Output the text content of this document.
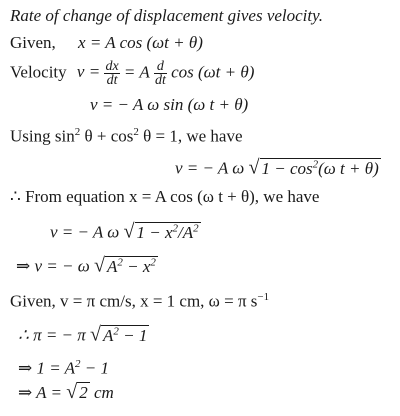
Rate of change of displacement gives velocity.
Given, x = A cos (ωt + θ)
Velocity $v = \frac{dx}{dt} = A \frac{d}{dt}$ cos (ωt + θ)
v = − A ω sin (ω t + θ)
Using $\sin^2 \theta + \cos^2 \theta = 1$, we have
v = − A ω √ $1 - \cos^2(\omega$ t + θ)
∴ From equation x = A cos (ω t + θ), we have
v = − A ω √ $1 - x^2/A^2$
⇒ v = − ω √ $A^2 - x^2$
Given, v = π cm/s, x = 1 cm, ω = π $s^{-1}$
∴ π = − π √ $A^2 - 1$
⇒ $1 = A^2 - 1$
⇒ A = √ 2 cm
